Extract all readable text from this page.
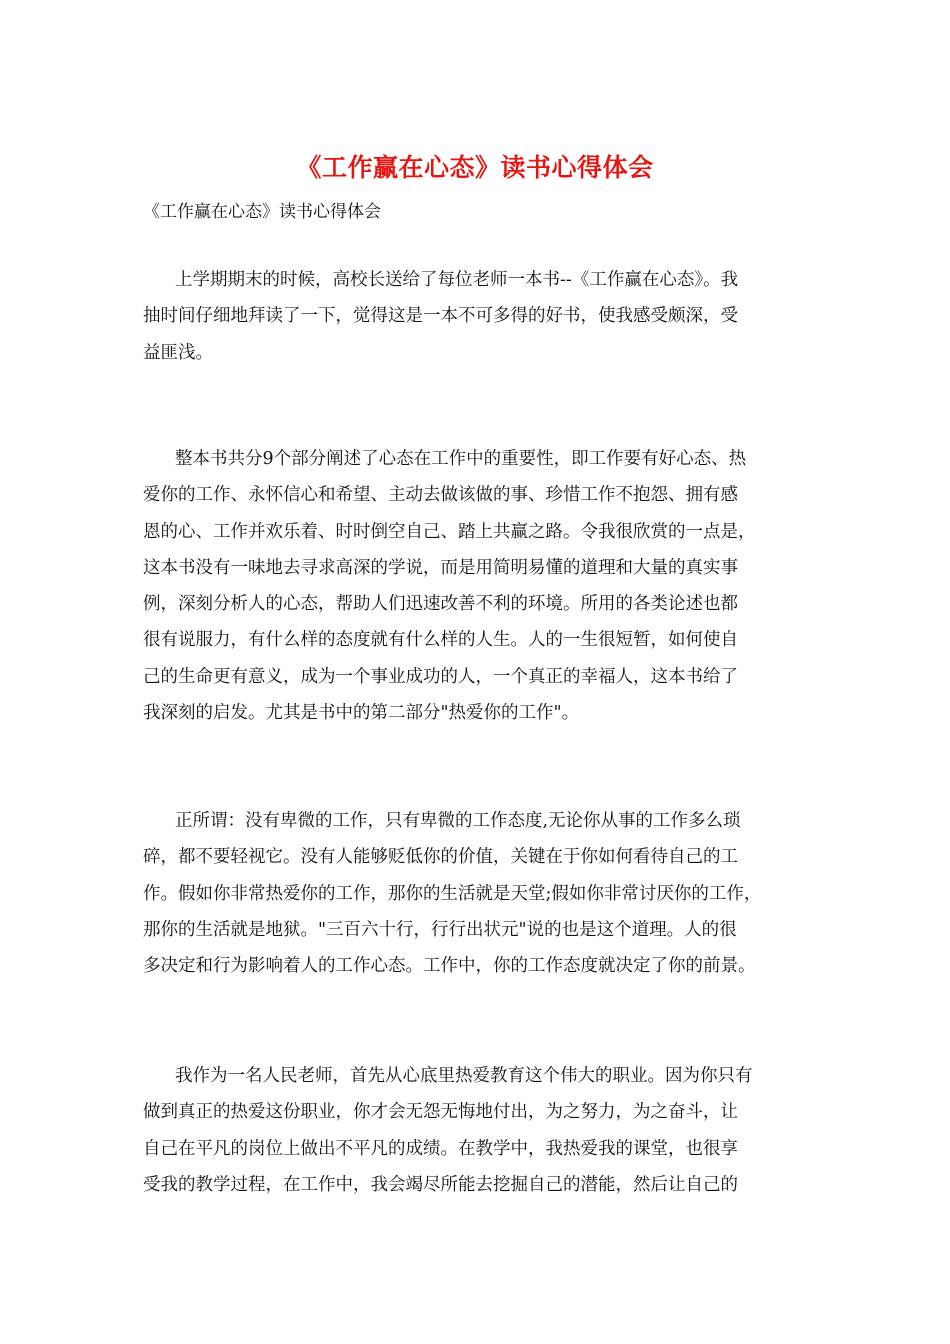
《工作赢在心态》读书心得体会
《工作赢在心态》读书心得体会
上学期期末的时候，高校长送给了每位老师一本书--《工作赢在心态》。我
抽时间仔细地拜读了一下，觉得这是一本不可多得的好书，使我感受颇深，受
益匪浅。
整本书共分9个部分阐述了心态在工作中的重要性，即工作要有好心态、热
爱你的工作、永怀信心和希望、主动去做该做的事、珍惜工作不抱怨、拥有感
恩的心、工作并欢乐着、时时倒空自己、踏上共赢之路。令我很欣赏的一点是，
这本书没有一味地去寻求高深的学说，而是用简明易懂的道理和大量的真实事
例，深刻分析人的心态，帮助人们迅速改善不利的环境。所用的各类论述也都
很有说服力，有什么样的态度就有什么样的人生。人的一生很短暂，如何使自
己的生命更有意义，成为一个事业成功的人，一个真正的幸福人，这本书给了
我深刻的启发。尤其是书中的第二部分"热爱你的工作"。
正所谓：没有卑微的工作，只有卑微的工作态度,无论你从事的工作多么琐
碎，都不要轻视它。没有人能够贬低你的价值，关键在于你如何看待自己的工
作。假如你非常热爱你的工作，那你的生活就是天堂;假如你非常讨厌你的工作，
那你的生活就是地狱。"三百六十行，行行出状元"说的也是这个道理。人的很
多决定和行为影响着人的工作心态。工作中，你的工作态度就决定了你的前景。
我作为一名人民老师，首先从心底里热爱教育这个伟大的职业。因为你只有
做到真正的热爱这份职业，你才会无怨无悔地付出，为之努力，为之奋斗，让
自己在平凡的岗位上做出不平凡的成绩。在教学中，我热爱我的课堂，也很享
受我的教学过程，在工作中，我会竭尽所能去挖掘自己的潜能，然后让自己的
